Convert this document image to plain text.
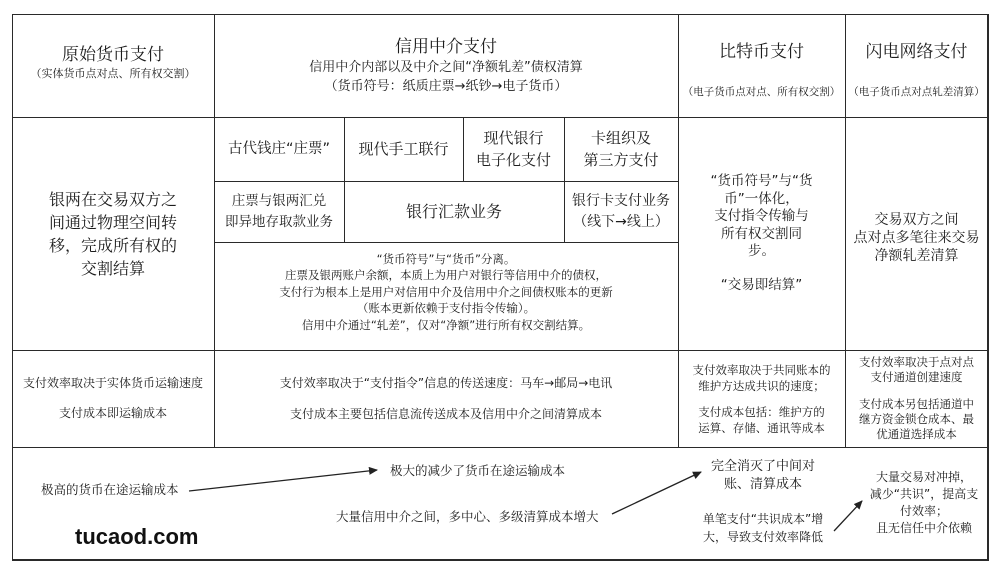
原始货币支付
（实体货币点对点、所有权交割）
信用中介支付
信用中介内部以及中介之间“净额轧差”债权清算
（货币符号：纸质庄票→纸钞→电子货币）
比特币支付
（电子货币点对点、所有权交割）
闪电网络支付
（电子货币点对点轧差清算）
银两在交易双方之
间通过物理空间转
移，完成所有权的
交割结算
古代钱庄“庄票” 现代手工联行
现代银行
电子化支付
卡组织及
第三方支付
庄票与银两汇兑
即异地存取款业务
银行汇款业务
银行卡支付业务
（线下→线上）
“货币符号”与“货币”分离。
庄票及银两账户余额，本质上为用户对银行等信用中介的债权，
支付行为根本上是用户对信用中介及信用中介之间债权账本的更新
（账本更新依赖于支付指令传输）。
信用中介通过“轧差”，仅对“净额”进行所有权交割结算。
“货币符号”与“货
币”一体化，
支付指令传输与
所有权交割同
步。
“交易即结算”
交易双方之间
点对点多笔往来交易
净额轧差清算
支付效率取决于实体货币运输速度
支付成本即运输成本
支付效率取决于“支付指令”信息的传送速度：马车→邮局→电讯
支付成本主要包括信息流传送成本及信用中介之间清算成本
支付效率取决于共同账本的
维护方达成共识的速度；
支付成本包括：维护方的
运算、存储、通讯等成本
支付效率取决于点对点
支付通道创建速度
支付成本另包括通道中
继方资金锁仓成本、最
优通道选择成本
极高的货币在途运输成本
极大的减少了货币在途运输成本
大量信用中介之间，多中心、多级清算成本增大
完全消灭了中间对
账、清算成本
单笔支付“共识成本”增
大，导致支付效率降低
大量交易对冲掉，
减少“共识”，提高支
付效率；
且无信任中介依赖
tucaod.com
